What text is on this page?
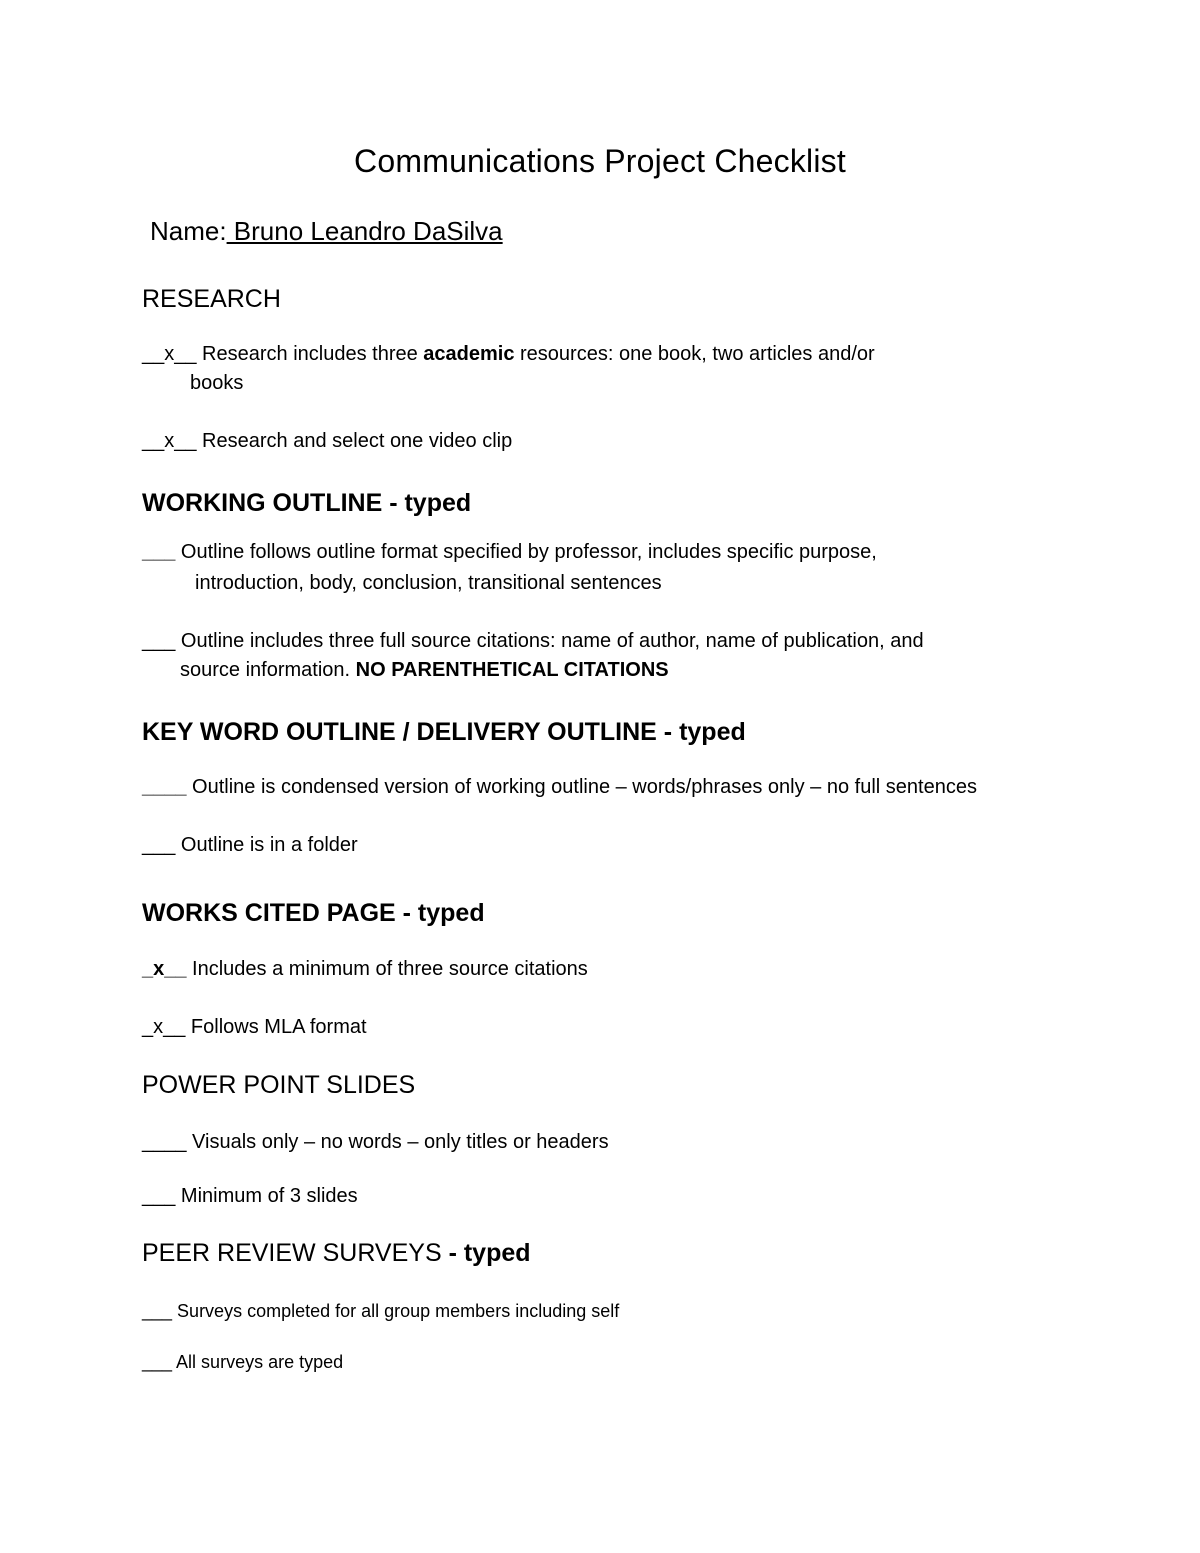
Communications Project Checklist
Name: Bruno Leandro DaSilva
RESEARCH
__x__ Research includes three academic resources: one book, two articles and/or
books
__x__ Research and select one video clip
WORKING OUTLINE - typed
___ Outline follows outline format specified by professor, includes specific purpose,
introduction, body, conclusion, transitional sentences
___ Outline includes three full source citations: name of author, name of publication, and
source information. NO PARENTHETICAL CITATIONS
KEY WORD OUTLINE / DELIVERY OUTLINE - typed
____ Outline is condensed version of working outline – words/phrases only – no full sentences
___ Outline is in a folder
WORKS CITED PAGE - typed
_x__ Includes a minimum of three source citations
_x__ Follows MLA format
POWER POINT SLIDES
____ Visuals only – no words – only titles or headers
___ Minimum of 3 slides
PEER REVIEW SURVEYS - typed
___ Surveys completed for all group members including self
___ All surveys are typed
